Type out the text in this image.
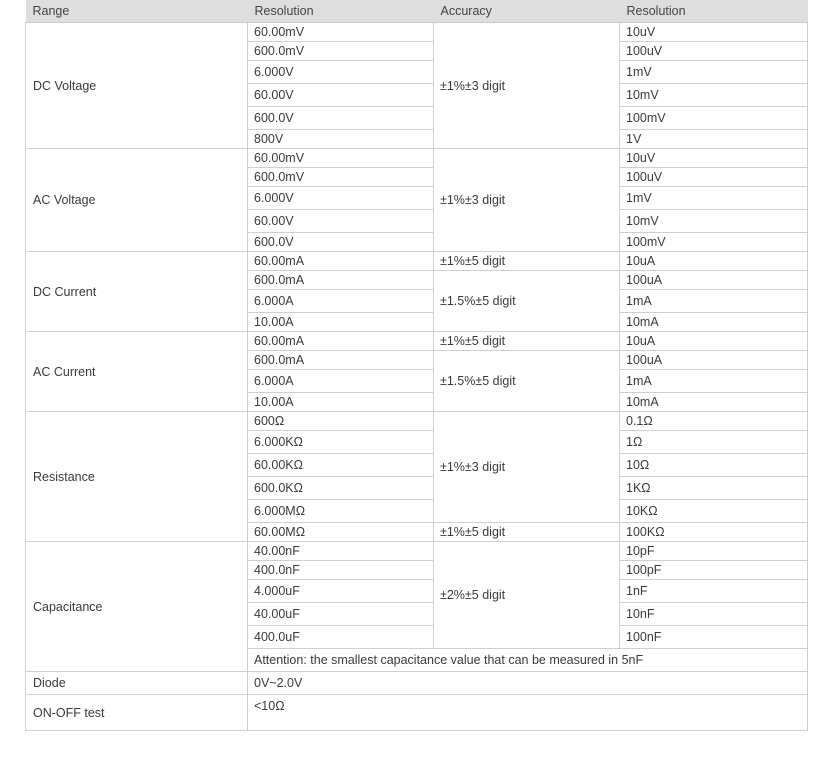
Range	Resolution	Accuracy	Resolution
DC Voltage	60.00mV	±1%±3 digit	10uV
	600.0mV		100uV
	6.000V		1mV
	60.00V		10mV
	600.0V		100mV
	800V		1V
AC Voltage	60.00mV	±1%±3 digit	10uV
	600.0mV		100uV
	6.000V		1mV
	60.00V		10mV
	600.0V		100mV
DC Current	60.00mA	±1%±5 digit	10uA
	600.0mA	±1.5%±5 digit	100uA
	6.000A		1mA
	10.00A		10mA
AC Current	60.00mA	±1%±5 digit	10uA
	600.0mA	±1.5%±5 digit	100uA
	6.000A		1mA
	10.00A		10mA
Resistance	600Ω	±1%±3 digit	0.1Ω
	6.000KΩ		1Ω
	60.00KΩ		10Ω
	600.0KΩ		1KΩ
	6.000MΩ		10KΩ
	60.00MΩ	±1%±5 digit	100KΩ
Capacitance	40.00nF	±2%±5 digit	10pF
	400.0nF		100pF
	4.000uF		1nF
	40.00uF		10nF
	400.0uF		100nF
	Attention: the smallest capacitance value that can be measured in 5nF		
Diode	0V~2.0V		
ON-OFF test	<10Ω		
